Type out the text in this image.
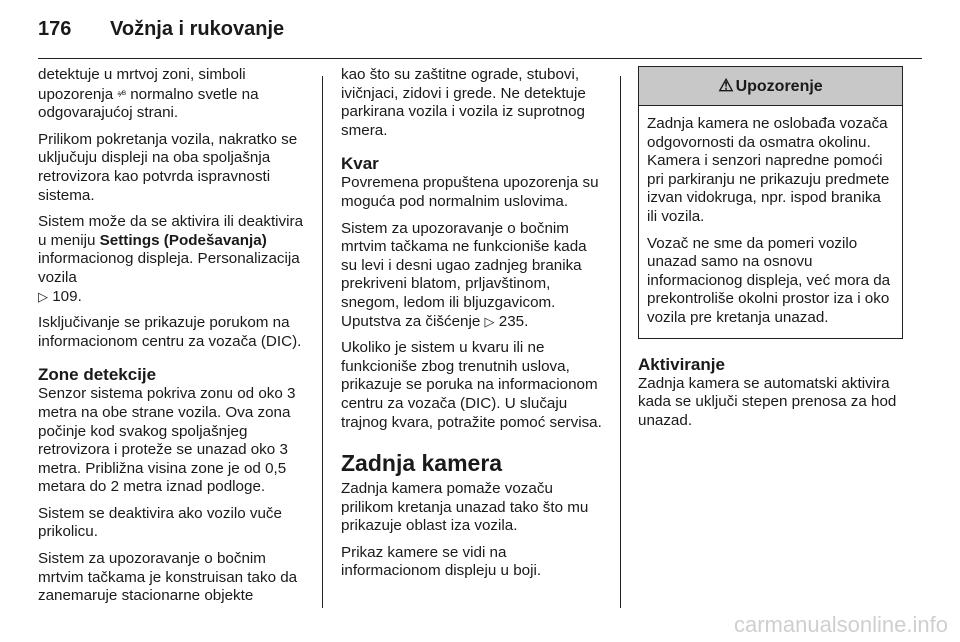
176 Vožnja i rukovanje

detektuje u mrtvoj zoni, simboli upozorenja ᵃ⁄ᴮ normalno svetle na odgovarajućoj strani.

Prilikom pokretanja vozila, nakratko se uključuju displeji na oba spoljašnja retrovizora kao potvrda ispravnosti sistema.

Sistem može da se aktivira ili deaktivira u meniju Settings (Podešavanja) informacionog displeja. Personalizacija vozila
▷ 109.

Isključivanje se prikazuje porukom na informacionom centru za vozača (DIC).

Zone detekcije

Senzor sistema pokriva zonu od oko 3 metra na obe strane vozila. Ova zona počinje kod svakog spoljašnjeg retrovizora i proteže se unazad oko 3 metra. Približna visina zone je od 0,5 metara do 2 metra iznad podloge.

Sistem se deaktivira ako vozilo vuče prikolicu.

Sistem za upozoravanje o bočnim mrtvim tačkama je konstruisan tako da zanemaruje stacionarne objekte

kao što su zaštitne ograde, stubovi, ivičnjaci, zidovi i grede. Ne detektuje parkirana vozila i vozila iz suprotnog smera.

Kvar

Povremena propuštena upozorenja su moguća pod normalnim uslovima.

Sistem za upozoravanje o bočnim mrtvim tačkama ne funkcioniše kada su levi i desni ugao zadnjeg branika prekriveni blatom, prljavštinom, snegom, ledom ili bljuzgavicom. Uputstva za čišćenje ▷ 235.

Ukoliko je sistem u kvaru ili ne funkcioniše zbog trenutnih uslova, prikazuje se poruka na informacionom centru za vozača (DIC). U slučaju trajnog kvara, potražite pomoć servisa.

Zadnja kamera

Zadnja kamera pomaže vozaču prilikom kretanja unazad tako što mu prikazuje oblast iza vozila.

Prikaz kamere se vidi na informacionom displeju u boji.

⚠ Upozorenje

Zadnja kamera ne oslobađa vozača odgovornosti da osmatra okolinu. Kamera i senzori napredne pomoći pri parkiranju ne prikazuju predmete izvan vidokruga, npr. ispod branika ili vozila.

Vozač ne sme da pomeri vozilo unazad samo na osnovu informacionog displeja, već mora da prekontroliše okolni prostor iza i oko vozila pre kretanja unazad.

Aktiviranje

Zadnja kamera se automatski aktivira kada se uključi stepen prenosa za hod unazad.

carmanualsonline.info
